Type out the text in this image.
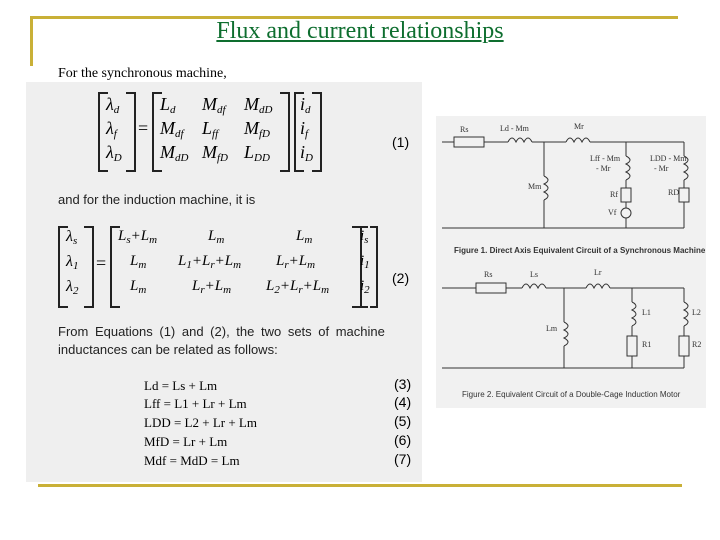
Flux and current relationships
For the synchronous machine,
$\lambda_d$
$\lambda_f$
$\lambda_D$
=
$L_d$ $M_{df}$ $M_{dD}$
$M_{df}$ $L_{ff}$ $M_{fD}$
$M_{dD}$ $M_{fD}$ $L_{DD}$
$i_d$
$i_f$
$i_D$
(1)
and for the induction machine, it is
$\lambda_s$
$\lambda_1$
$\lambda_2$
=
$L_s+L_m$	$L_m$	$L_m$
$L_m$ $L_1+L_r+L_m$ $L_r+L_m$
$L_m$	$L_r+L_m$ $L_2+L_r+L_m$
$i_s$
$i_1$
$i_2$
(2)
From Equations (1) and (2), the two sets of machine
inductances can be related as follows:
Ld = Ls + Lm	(3)
Lff = L1 + Lr + Lm	(4)
LDD = L2 + Lr + Lm	(5)
MfD = Lr + Lm	(6)
Mdf = MdD = Lm	(7)
Rs	Ld - Mm	Mr
Lff - Mm
- Mr
LDD - Mm
- Mr
Mm
Rf	RD
Vf
Figure 1. Direct Axis Equivalent Circuit of a Synchronous Machine
Rs	Ls	Lr
L1	L2
Lm
R1	R2
Figure 2. Equivalent Circuit of a Double-Cage Induction Motor
